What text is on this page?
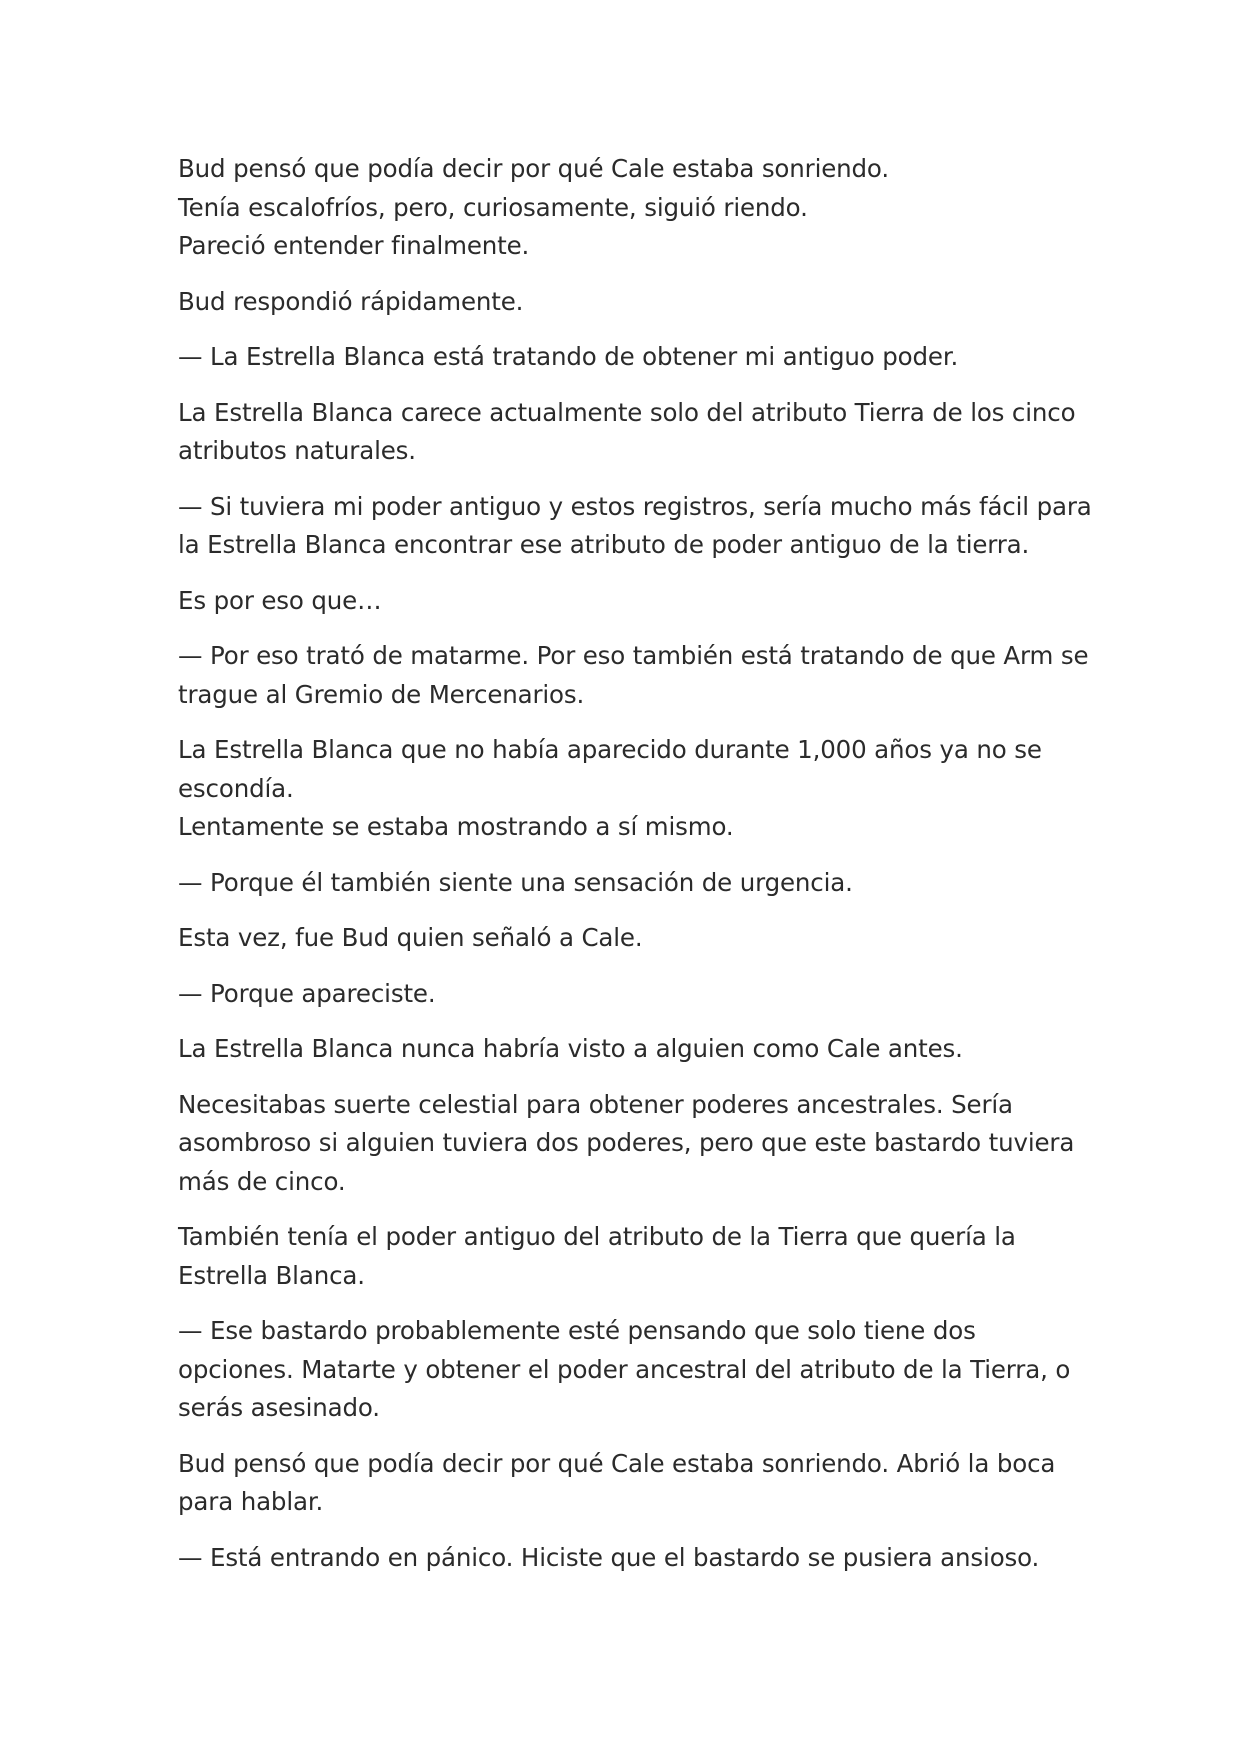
Bud pensó que podía decir por qué Cale estaba sonriendo.
Tenía escalofríos, pero, curiosamente, siguió riendo.
Pareció entender finalmente.

Bud respondió rápidamente.

— La Estrella Blanca está tratando de obtener mi antiguo poder.

La Estrella Blanca carece actualmente solo del atributo Tierra de los cinco
atributos naturales.

— Si tuviera mi poder antiguo y estos registros, sería mucho más fácil para
la Estrella Blanca encontrar ese atributo de poder antiguo de la tierra.

Es por eso que…

— Por eso trató de matarme. Por eso también está tratando de que Arm se
trague al Gremio de Mercenarios.

La Estrella Blanca que no había aparecido durante 1,000 años ya no se
escondía.
Lentamente se estaba mostrando a sí mismo.

— Porque él también siente una sensación de urgencia.

Esta vez, fue Bud quien señaló a Cale.

— Porque apareciste.

La Estrella Blanca nunca habría visto a alguien como Cale antes.

Necesitabas suerte celestial para obtener poderes ancestrales. Sería
asombroso si alguien tuviera dos poderes, pero que este bastardo tuviera
más de cinco.

También tenía el poder antiguo del atributo de la Tierra que quería la
Estrella Blanca.

— Ese bastardo probablemente esté pensando que solo tiene dos
opciones. Matarte y obtener el poder ancestral del atributo de la Tierra, o
serás asesinado.

Bud pensó que podía decir por qué Cale estaba sonriendo. Abrió la boca
para hablar.

— Está entrando en pánico. Hiciste que el bastardo se pusiera ansioso.
